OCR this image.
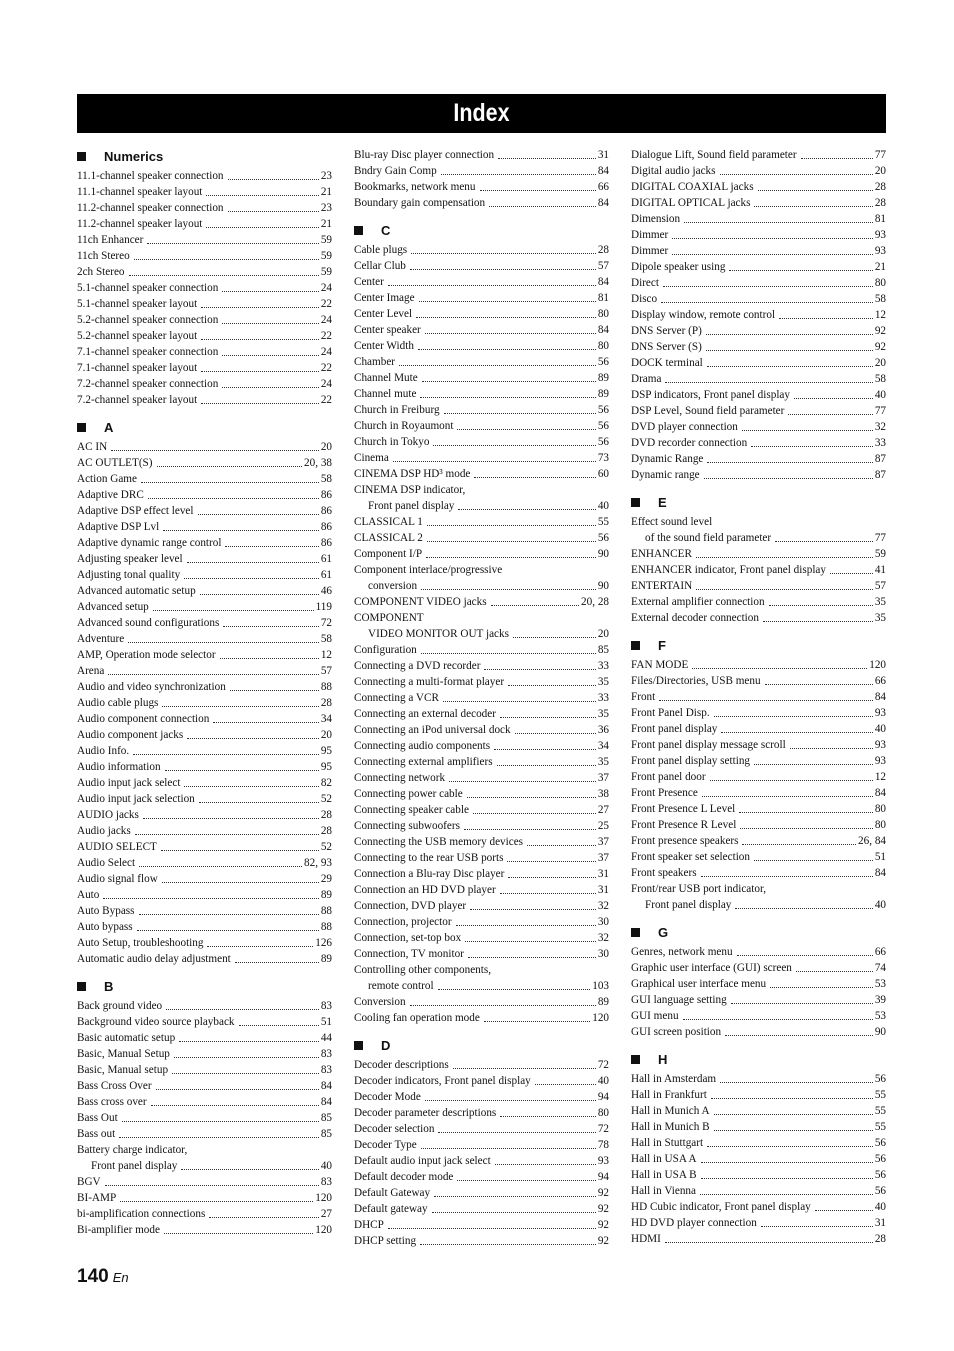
Index
Numerics
11.1-channel speaker connection	23
11.1-channel speaker layout	21
11.2-channel speaker connection	23
11.2-channel speaker layout	21
11ch Enhancer	59
11ch Stereo	59
2ch Stereo	59
5.1-channel speaker connection	24
5.1-channel speaker layout	22
5.2-channel speaker connection	24
5.2-channel speaker layout	22
7.1-channel speaker connection	24
7.1-channel speaker layout	22
7.2-channel speaker connection	24
7.2-channel speaker layout	22
A
AC IN	20
AC OUTLET(S)	20, 38
Action Game	58
Adaptive DRC	86
Adaptive DSP effect level	86
Adaptive DSP Lvl	86
Adaptive dynamic range control	86
Adjusting speaker level	61
Adjusting tonal quality	61
Advanced automatic setup	46
Advanced setup	119
Advanced sound configurations	72
Adventure	58
AMP, Operation mode selector	12
Arena	57
Audio and video synchronization	88
Audio cable plugs	28
Audio component connection	34
Audio component jacks	20
Audio Info.	95
Audio information	95
Audio input jack select	82
Audio input jack selection	52
AUDIO jacks	28
Audio jacks	28
AUDIO SELECT	52
Audio Select	82, 93
Audio signal flow	29
Auto	89
Auto Bypass	88
Auto bypass	88
Auto Setup, troubleshooting	126
Automatic audio delay adjustment	89
B
Back ground video	83
Background video source playback	51
Basic automatic setup	44
Basic, Manual Setup	83
Basic, Manual setup	83
Bass Cross Over	84
Bass cross over	84
Bass Out	85
Bass out	85
Battery charge indicator,
Front panel display	40
BGV	83
BI-AMP	120
bi-amplification connections	27
Bi-amplifier mode	120
Blu-ray Disc player connection	31
Bndry Gain Comp	84
Bookmarks, network menu	66
Boundary gain compensation	84
C
Cable plugs	28
Cellar Club	57
Center	84
Center Image	81
Center Level	80
Center speaker	84
Center Width	80
Chamber	56
Channel Mute	89
Channel mute	89
Church in Freiburg	56
Church in Royaumont	56
Church in Tokyo	56
Cinema	73
CINEMA DSP HD³ mode	60
CINEMA DSP indicator,
Front panel display	40
CLASSICAL 1	55
CLASSICAL 2	56
Component I/P	90
Component interlace/progressive
conversion	90
COMPONENT VIDEO jacks	20, 28
COMPONENT
VIDEO MONITOR OUT jacks	20
Configuration	85
Connecting a DVD recorder	33
Connecting a multi-format player	35
Connecting a VCR	33
Connecting an external decoder	35
Connecting an iPod universal dock	36
Connecting audio components	34
Connecting external amplifiers	35
Connecting network	37
Connecting power cable	38
Connecting speaker cable	27
Connecting subwoofers	25
Connecting the USB memory devices	37
Connecting to the rear USB ports	37
Connection a Blu-ray Disc player	31
Connection an HD DVD player	31
Connection, DVD player	32
Connection, projector	30
Connection, set-top box	32
Connection, TV monitor	30
Controlling other components,
remote control	103
Conversion	89
Cooling fan operation mode	120
D
Decoder descriptions	72
Decoder indicators, Front panel display	40
Decoder Mode	94
Decoder parameter descriptions	80
Decoder selection	72
Decoder Type	78
Default audio input jack select	93
Default decoder mode	94
Default Gateway	92
Default gateway	92
DHCP	92
DHCP setting	92
Dialogue Lift, Sound field parameter	77
Digital audio jacks	20
DIGITAL COAXIAL jacks	28
DIGITAL OPTICAL jacks	28
Dimension	81
Dimmer	93
Dimmer	93
Dipole speaker using	21
Direct	80
Disco	58
Display window, remote control	12
DNS Server (P)	92
DNS Server (S)	92
DOCK terminal	20
Drama	58
DSP indicators, Front panel display	40
DSP Level, Sound field parameter	77
DVD player connection	32
DVD recorder connection	33
Dynamic Range	87
Dynamic range	87
E
Effect sound level
of the sound field parameter	77
ENHANCER	59
ENHANCER indicator, Front panel display	41
ENTERTAIN	57
External amplifier connection	35
External decoder connection	35
F
FAN MODE	120
Files/Directories, USB menu	66
Front	84
Front Panel Disp.	93
Front panel display	40
Front panel display message scroll	93
Front panel display setting	93
Front panel door	12
Front Presence	84
Front Presence L Level	80
Front Presence R Level	80
Front presence speakers	26, 84
Front speaker set selection	51
Front speakers	84
Front/rear USB port indicator,
Front panel display	40
G
Genres, network menu	66
Graphic user interface (GUI) screen	74
Graphical user interface menu	53
GUI language setting	39
GUI menu	53
GUI screen position	90
H
Hall in Amsterdam	56
Hall in Frankfurt	55
Hall in Munich A	55
Hall in Munich B	55
Hall in Stuttgart	56
Hall in USA A	56
Hall in USA B	56
Hall in Vienna	56
HD Cubic indicator, Front panel display	40
HD DVD player connection	31
HDMI	28
140 En
